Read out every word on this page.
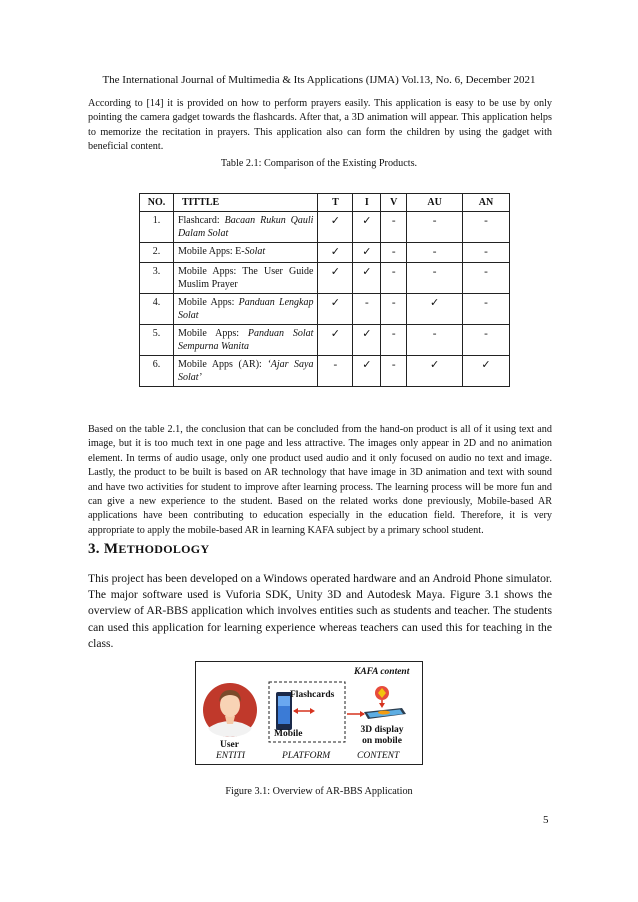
The International Journal of Multimedia & Its Applications (IJMA) Vol.13, No. 6, December 2021
According to [14] it is provided on how to perform prayers easily. This application is easy to be use by only pointing the camera gadget towards the flashcards. After that, a 3D animation will appear. This application helps to memorize the recitation in prayers. This application also can form the children by using the gadget with beneficial content.
Table 2.1: Comparison of the Existing Products.
NO.	TITTLE	T	I	V	AU	AN
1.	Flashcard: Bacaan Rukun Qauli Dalam Solat	✓	✓	-	-	-
2.	Mobile Apps: E-Solat	✓	✓	-	-	-
3.	Mobile Apps: The User Guide Muslim Prayer	✓	✓	-	-	-
4.	Mobile Apps: Panduan Lengkap Solat	✓	-	-	✓	-
5.	Mobile Apps: Panduan Solat Sempurna Wanita	✓	✓	-	-	-
6.	Mobile Apps (AR): ‘Ajar Saya Solat’	-	✓	-	✓	✓
Based on the table 2.1, the conclusion that can be concluded from the hand-on product is all of it using text and image, but it is too much text in one page and less attractive. The images only appear in 2D and no animation element. In terms of audio usage, only one product used audio and it only focused on audio no text and image. Lastly, the product to be built is based on AR technology that have image in 3D animation and text with sound and have two activities for student to improve after learning process. The learning process will be more fun and can give a new experience to the student. Based on the related works done previously, Mobile-based AR applications have been contributing to education especially in the education field. Therefore, it is very appropriate to apply the mobile-based AR in learning KAFA subject by a primary school student.
3. METHODOLOGY
This project has been developed on a Windows operated hardware and an Android Phone simulator. The major software used is Vuforia SDK, Unity 3D and Autodesk Maya. Figure 3.1 shows the overview of AR-BBS application which involves entities such as students and teacher. The students can used this application for learning experience whereas teachers can used this for teaching in the class.
Flashcards
Mobile
KAFA content
3D display
on mobile
User
ENTITI	PLATFORM	CONTENT
Figure 3.1: Overview of AR-BBS Application
5
